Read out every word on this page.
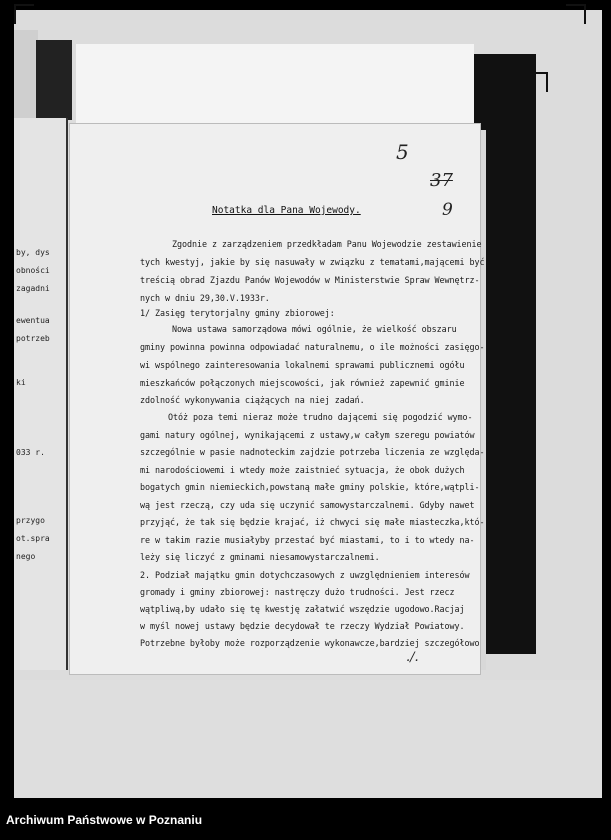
by, dys
obności
zagadni
ewentua
potrzeb
ki
033 r.
przygo
ot.spra
nego
5
37
9
Notatka dla Pana Wojewody.
Zgodnie z zarządzeniem przedkładam Panu Wojewodzie zestawienie
tych kwestyj, jakie by się nasuwały w związku z tematami,mającemi być
treścią obrad Zjazdu Panów Wojewodów w Ministerstwie Spraw Wewnętrz-
nych w dniu 29,30.V.1933r.
1/ Zasięg terytorjalny gminy zbiorowej:
Nowa ustawa samorządowa mówi ogólnie, że wielkość obszaru
gminy powinna powinna odpowiadać naturalnemu, o ile możności zasięgo-
wi wspólnego zainteresowania lokalnemi sprawami publicznemi ogółu
mieszkańców połączonych miejscowości, jak również zapewnić gminie
zdolność wykonywania ciążących na niej zadań.
Otóż poza temi nieraz może trudno dającemi się pogodzić wymo-
gami natury ogólnej, wynikającemi z ustawy,w całym szeregu powiatów
szczególnie w pasie nadnoteckim zajdzie potrzeba liczenia ze względa-
mi narodościowemi i wtedy może zaistnieć sytuacja, że obok dużych
bogatych gmin niemieckich,powstaną małe gminy polskie, które,wątpli-
wą jest rzeczą, czy uda się uczynić samowystarczalnemi. Gdyby nawet
przyjąć, że tak się będzie krajać, iż chwyci się małe miasteczka,któ-
re w takim razie musiałyby przestać być miastami, to i to wtedy na-
leży się liczyć z gminami niesamowystarczalnemi.
2. Podział majątku gmin dotychczasowych z uwzględnieniem interesów
gromady i gminy zbiorowej: nastręczy dużo trudności. Jest rzecz
wątpliwą,by udało się tę kwestję załatwić wszędzie ugodowo.Racjaj
w myśl nowej ustawy będzie decydował te rzeczy Wydział Powiatowy.
Potrzebne byłoby może rozporządzenie wykonawcze,bardziej szczegółowo
./.
Archiwum Państwowe w Poznaniu
